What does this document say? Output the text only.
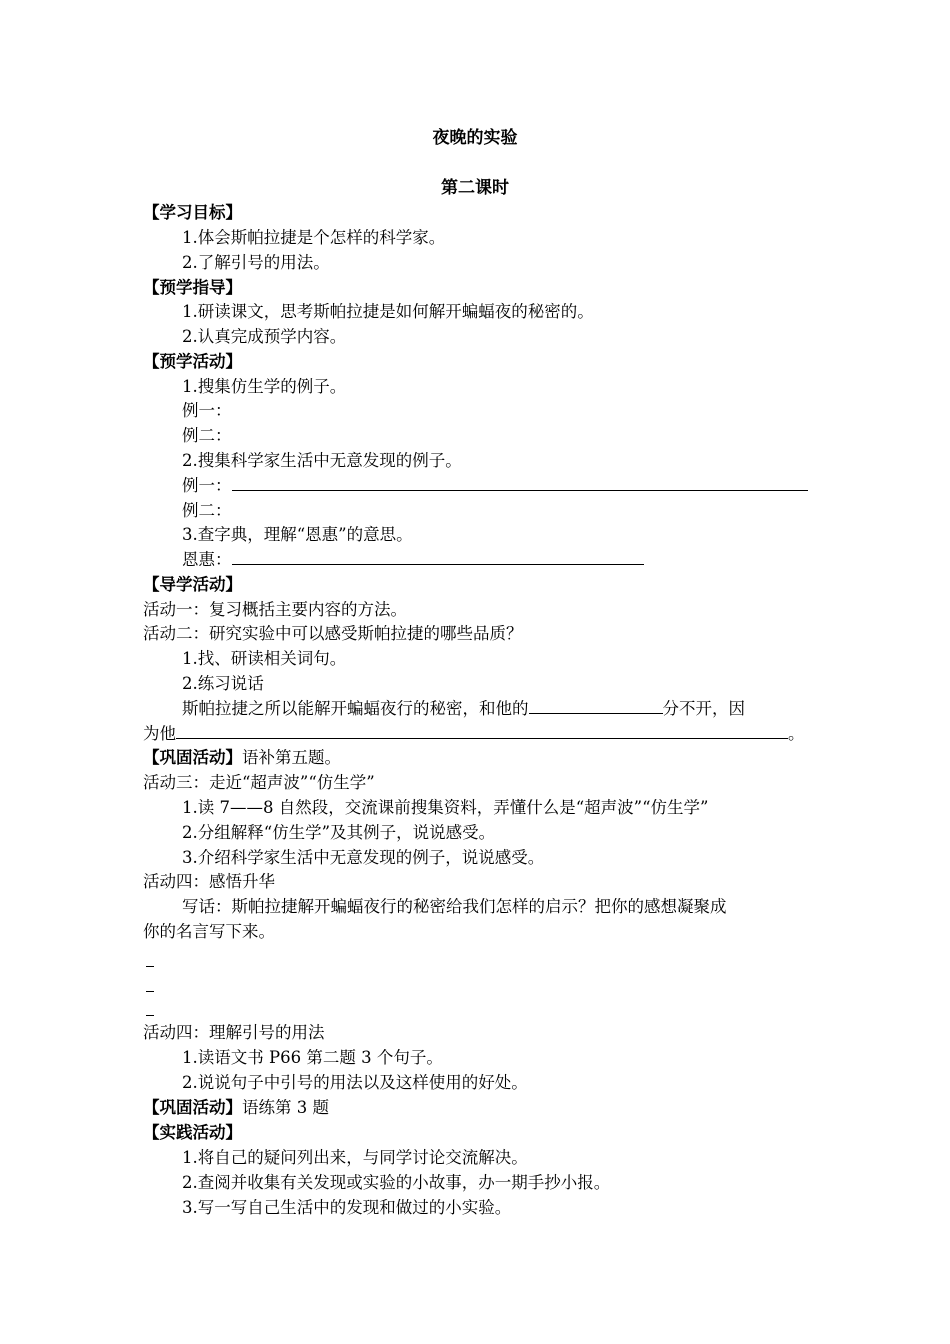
夜晚的实验
第二课时
【学习目标】
1.体会斯帕拉捷是个怎样的科学家。
2.了解引号的用法。
【预学指导】
1.研读课文，思考斯帕拉捷是如何解开蝙蝠夜的秘密的。
2.认真完成预学内容。
【预学活动】
1.搜集仿生学的例子。
例一：
例二：
2.搜集科学家生活中无意发现的例子。
例一：
例二：
3.查字典，理解“恩惠”的意思。
恩惠：
【导学活动】
活动一：复习概括主要内容的方法。
活动二：研究实验中可以感受斯帕拉捷的哪些品质？
1.找、研读相关词句。
2.练习说话
斯帕拉捷之所以能解开蝙蝠夜行的秘密，和他的	分不开，因
为他	。
【巩固活动】语补第五题。
活动三：走近“超声波”“仿生学”
1.读 7——8 自然段，交流课前搜集资料，弄懂什么是“超声波”“仿生学”
2.分组解释“仿生学”及其例子，说说感受。
3.介绍科学家生活中无意发现的例子，说说感受。
活动四：感悟升华
写话：斯帕拉捷解开蝙蝠夜行的秘密给我们怎样的启示？把你的感想凝聚成
你的名言写下来。
活动四：理解引号的用法
1.读语文书 P66 第二题 3 个句子。
2.说说句子中引号的用法以及这样使用的好处。
【巩固活动】语练第 3 题
【实践活动】
1.将自己的疑问列出来，与同学讨论交流解决。
2.查阅并收集有关发现或实验的小故事，办一期手抄小报。
3.写一写自己生活中的发现和做过的小实验。
